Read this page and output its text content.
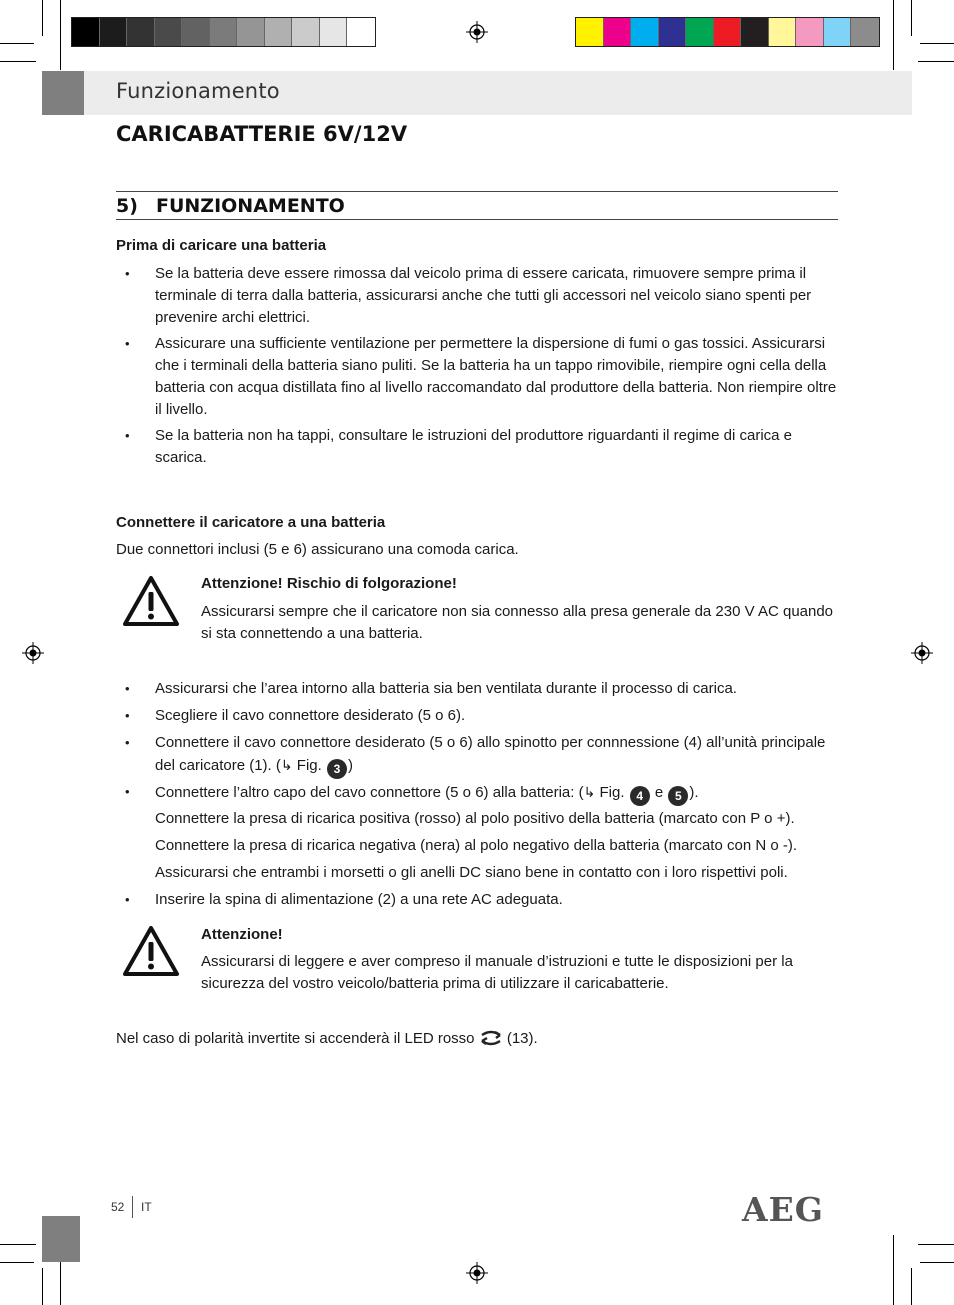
Funzionamento
CARICABATTERIE 6V/12V
5) FUNZIONAMENTO
Prima di caricare una batteria
• Se la batteria deve essere rimossa dal veicolo prima di essere caricata, rimuovere sempre prima il terminale di terra dalla batteria, assicurarsi anche che tutti gli accessori nel veicolo siano spenti per prevenire archi elettrici.
• Assicurare una sufficiente ventilazione per permettere la dispersione di fumi o gas tossici. Assicurarsi che i terminali della batteria siano puliti. Se la batteria ha un tappo rimovibile, riempire ogni cella della batteria con acqua distillata fino al livello raccomandato dal produttore della batteria. Non riempire oltre il livello.
• Se la batteria non ha tappi, consultare le istruzioni del produttore riguardanti il regime di carica e scarica.
Connettere il caricatore a una batteria
Due connettori inclusi (5 e 6) assicurano una comoda carica.
Attenzione! Rischio di folgorazione!
Assicurarsi sempre che il caricatore non sia connesso alla presa generale da 230 V AC quando si sta connettendo a una batteria.
• Assicurarsi che l’area intorno alla batteria sia ben ventilata durante il processo di carica.
• Scegliere il cavo connettore desiderato (5 o 6).
• Connettere il cavo connettore desiderato (5 o 6) allo spinotto per connnessione (4) all’unità principale del caricatore (1). (↳ Fig. 3 )
• Connettere l’altro capo del cavo connettore (5 o 6) alla batteria: (↳ Fig. 4 e 5 ).
Connettere la presa di ricarica positiva (rosso) al polo positivo della batteria (marcato con P o +).
Connettere la presa di ricarica negativa (nera) al polo negativo della batteria (marcato con N o -).
Assicurarsi che entrambi i morsetti o gli anelli DC siano bene in contatto con i loro rispettivi poli.
• Inserire la spina di alimentazione (2) a una rete AC adeguata.
Attenzione!
Assicurarsi di leggere e aver compreso il manuale d’istruzioni e tutte le disposizioni per la sicurezza del vostro veicolo/batteria prima di utilizzare il caricabatterie.
Nel caso di polarità invertite si accenderà il LED rosso (13).
52 IT	AEG
